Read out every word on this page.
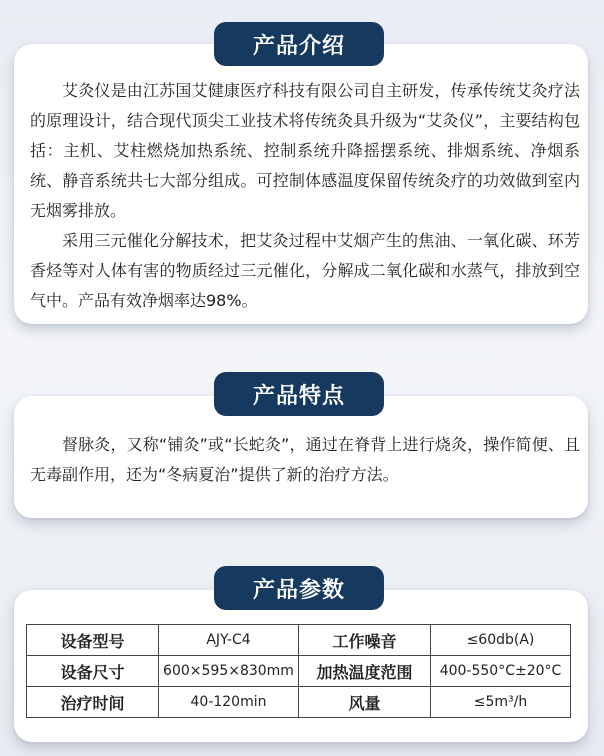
产品介绍
艾灸仪是由江苏国艾健康医疗科技有限公司自主研发，传承传统艾灸疗法的原理设计，结合现代顶尖工业技术将传统灸具升级为“艾灸仪”，主要结构包括：主机、艾柱燃烧加热系统、控制系统升降摇摆系统、排烟系统、净烟系统、静音系统共七大部分组成。可控制体感温度保留传统灸疗的功效做到室内无烟雾排放。
采用三元催化分解技术，把艾灸过程中艾烟产生的焦油、一氧化碳、环芳香烃等对人体有害的物质经过三元催化，分解成二氧化碳和水蒸气，排放到空气中。产品有效净烟率达98%。
产品特点
督脉灸，又称“铺灸”或“长蛇灸”，通过在脊背上进行烧灸，操作简便、且无毒副作用，还为“冬病夏治”提供了新的治疗方法。
产品参数
设备型号	AJY-C4	工作噪音	≤60db(A)
设备尺寸	600×595×830mm	加热温度范围	400-550°C±20°C
治疗时间	40-120min	风量	≤5m³/h
